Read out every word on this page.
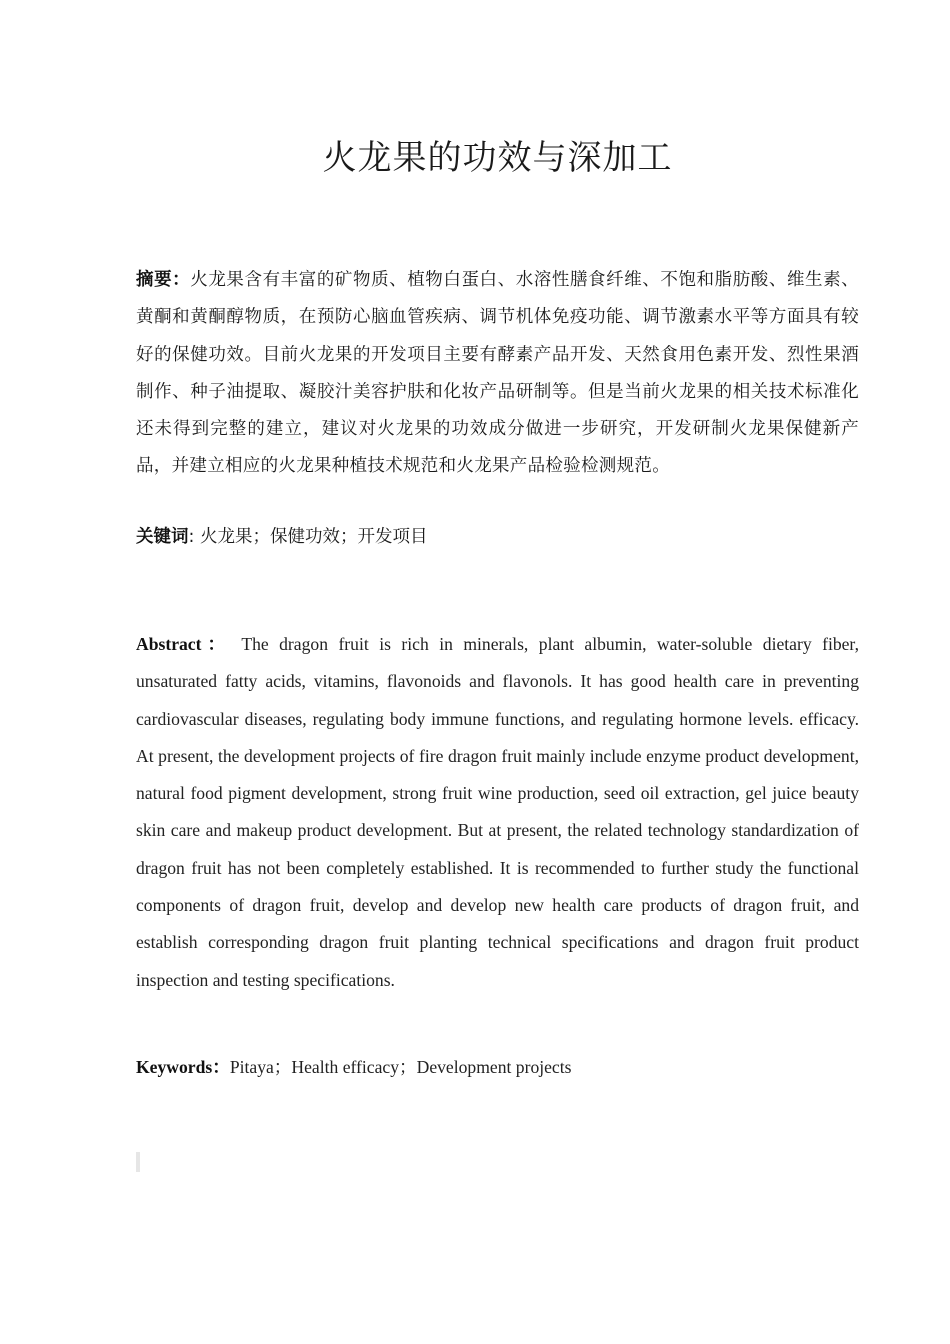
火龙果的功效与深加工

摘要：火龙果含有丰富的矿物质、植物白蛋白、水溶性膳食纤维、不饱和脂肪酸、维生素、黄酮和黄酮醇物质，在预防心脑血管疾病、调节机体免疫功能、调节激素水平等方面具有较好的保健功效。目前火龙果的开发项目主要有酵素产品开发、天然食用色素开发、烈性果酒制作、种子油提取、凝胶汁美容护肤和化妆产品研制等。但是当前火龙果的相关技术标准化还未得到完整的建立，建议对火龙果的功效成分做进一步研究，开发研制火龙果保健新产品，并建立相应的火龙果种植技术规范和火龙果产品检验检测规范。

关键词: 火龙果；保健功效；开发项目

Abstract： The dragon fruit is rich in minerals, plant albumin, water-soluble dietary fiber, unsaturated fatty acids, vitamins, flavonoids and flavonols. It has good health care in preventing cardiovascular diseases, regulating body immune functions, and regulating hormone levels. efficacy. At present, the development projects of fire dragon fruit mainly include enzyme product development, natural food pigment development, strong fruit wine production, seed oil extraction, gel juice beauty skin care and makeup product development. But at present, the related technology standardization of dragon fruit has not been completely established. It is recommended to further study the functional components of dragon fruit, develop and develop new health care products of dragon fruit, and establish corresponding dragon fruit planting technical specifications and dragon fruit product inspection and testing specifications.

Keywords：Pitaya；Health efficacy；Development projects
